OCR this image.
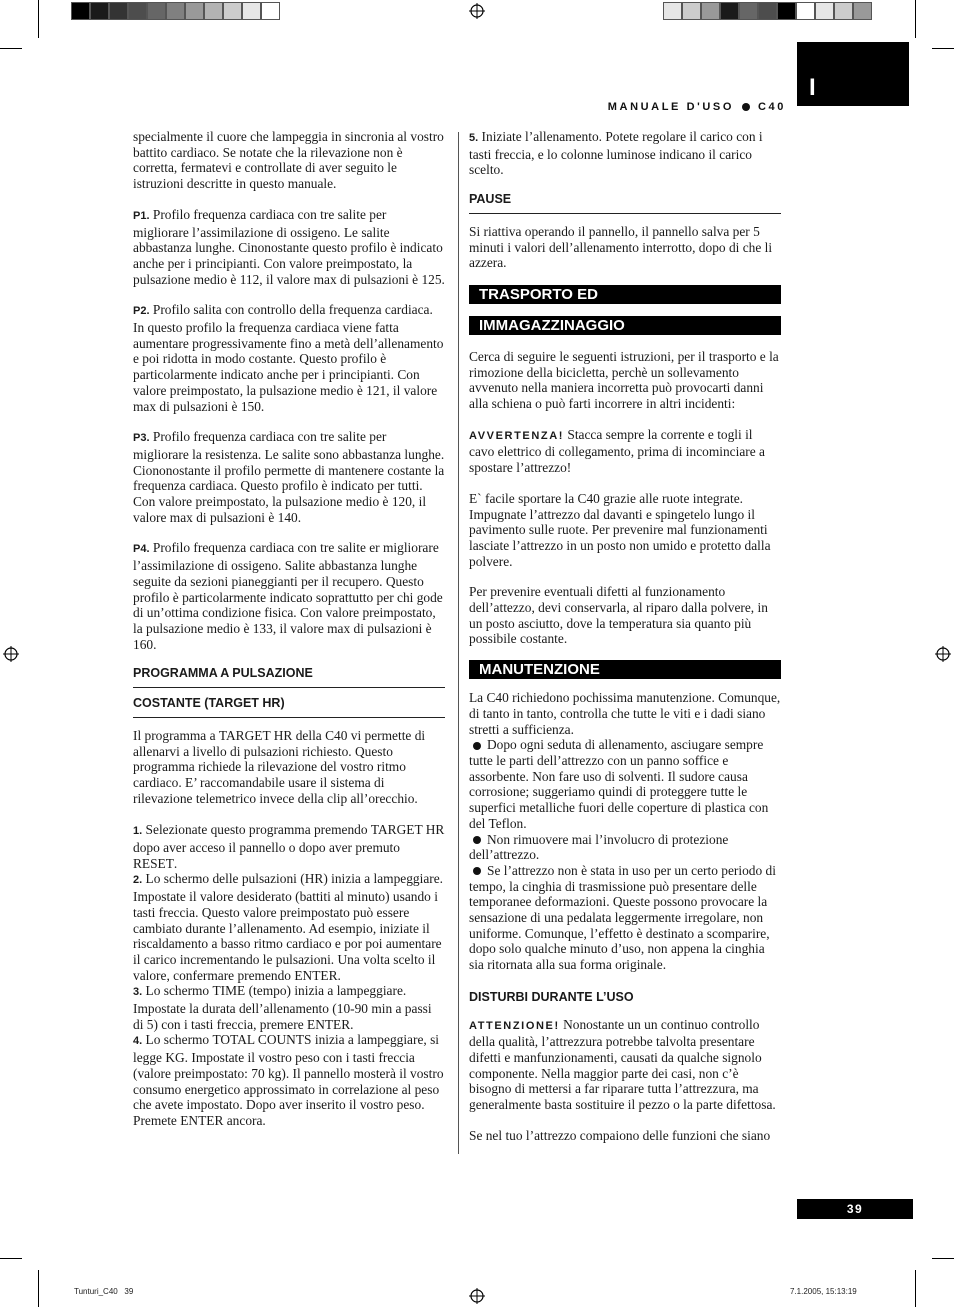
I
MANUALE D'USO C40

specialmente il cuore che lampeggia in sincronia al vostro battito cardiaco. Se notate che la rilevazione non è corretta, fermatevi e controllate di aver seguito le istruzioni descritte in questo manuale.

P1. Profilo frequenza cardiaca con tre salite per migliorare l’assimilazione di ossigeno. Le salite abbastanza lunghe. Cinonostante questo profilo è indicato anche per i principianti. Con valore preimpostato, la pulsazione medio è 112, il valore max di pulsazioni è 125.

P2. Profilo salita con controllo della frequenza cardiaca. In questo profilo la frequenza cardiaca viene fatta aumentare progressivamente fino a metà dell’allenamento e poi ridotta in modo costante. Questo profilo è particolarmente indicato anche per i principianti. Con valore preimpostato, la pulsazione medio è 121, il valore max di pulsazioni è 150.

P3. Profilo frequenza cardiaca con tre salite per migliorare la resistenza. Le salite sono abbastanza lunghe. Ciononostante il profilo permette di mantenere costante la frequenza cardiaca. Questo profilo è indicato per tutti. Con valore preimpostato, la pulsazione medio è 120, il valore max di pulsazioni è 140.

P4. Profilo frequenza cardiaca con tre salite er migliorare l’assimilazione di ossigeno. Salite abbastanza lunghe seguite da sezioni pianeggianti per il recupero. Questo profilo è particolarmente indicato soprattutto per chi gode di un’ottima condizione fisica. Con valore preimpostato, la pulsazione medio è 133, il valore max di pulsazioni è 160.

PROGRAMMA A PULSAZIONE
COSTANTE (TARGET HR)

Il programma a TARGET HR della C40 vi permette di allenarvi a livello di pulsazioni richiesto. Questo programma richiede la rilevazione del vostro ritmo cardiaco. E’ raccomandabile usare il sistema di rilevazione telemetrico invece della clip all’orecchio.

1. Selezionate questo programma premendo TARGET HR dopo aver acceso il pannello o dopo aver premuto RESET.
2. Lo schermo delle pulsazioni (HR) inizia a lampeggiare. Impostate il valore desiderato (battiti al minuto) usando i tasti freccia. Questo valore preimpostato può essere cambiato durante l’allenamento. Ad esempio, iniziate il riscaldamento a basso ritmo cardiaco e por poi aumentare il carico incrementando le pulsazioni. Una volta scelto il valore, confermare premendo ENTER.
3. Lo schermo TIME (tempo) inizia a lampeggiare. Impostate la durata dell’allenamento (10-90 min a passi di 5) con i tasti freccia, premere ENTER.
4. Lo schermo TOTAL COUNTS inizia a lampeggiare, si legge KG. Impostate il vostro peso con i tasti freccia (valore preimpostato: 70 kg). Il pannello mosterà il vostro consumo energetico approssimato in correlazione al peso che avete impostato. Dopo aver inserito il vostro peso. Premete ENTER ancora.

5. Iniziate l’allenamento. Potete regolare il carico con i tasti freccia, e lo colonne luminose indicano il carico scelto.

PAUSE

Si riattiva operando il pannello, il pannello salva per 5 minuti i valori dell’allenamento interrotto, dopo di che li azzera.

TRASPORTO ED
IMMAGAZZINAGGIO

Cerca di seguire le seguenti istruzioni, per il trasporto e la rimozione della bicicletta, perchè un sollevamento avvenuto nella maniera incorretta può provocarti danni alla schiena o può farti incorrere in altri incidenti:

AVVERTENZA! Stacca sempre la corrente e togli il cavo elettrico di collegamento, prima di incominciare a spostare l’attrezzo!

E` facile sportare la C40 grazie alle ruote integrate. Impugnate l’attrezzo dal davanti e spingetelo lungo il pavimento sulle ruote. Per prevenire mal funzionamenti lasciate l’attrezzo in un posto non umido e protetto dalla polvere.

Per prevenire eventuali difetti al funzionamento dell’attezzo, devi conservarla, al riparo dalla polvere, in un posto asciutto, dove la temperatura sia quanto più possibile costante.

MANUTENZIONE
La C40 richiedono pochissima manutenzione. Comunque, di tanto in tanto, controlla che tutte le viti e i dadi siano stretti a sufficienza.
Dopo ogni seduta di allenamento, asciugare sempre tutte le parti dell’attrezzo con un panno soffice e assorbente. Non fare uso di solventi. Il sudore causa corrosione; suggeriamo quindi di proteggere tutte le superfici metalliche fuori delle coperture di plastica con del Teflon.
Non rimuovere mai l’involucro di protezione dell’attrezzo.
Se l’attrezzo non è stata in uso per un certo periodo di tempo, la cinghia di trasmissione può presentare delle temporanee deformazioni. Queste possono provocare la sensazione di una pedalata leggermente irregolare, non uniforme. Comunque, l’effetto è destinato a scomparire, dopo solo qualche minuto d’uso, non appena la cinghia sia ritornata alla sua forma originale.
DISTURBI DURANTE L’USO

ATTENZIONE! Nonostante un un continuo controllo della qualità, l’attrezzura potrebbe talvolta presentare difetti e manfunzionamenti, causati da qualche signolo componente. Nella maggior parte dei casi, non c’è bisogno di mettersi a far riparare tutta l’attrezzura, ma generalmente basta sostituire il pezzo o la parte difettosa.

Se nel tuo l’attrezzo compaiono delle funzioni che siano

39
Tunturi_C40   39	7.1.2005, 15:13:19
